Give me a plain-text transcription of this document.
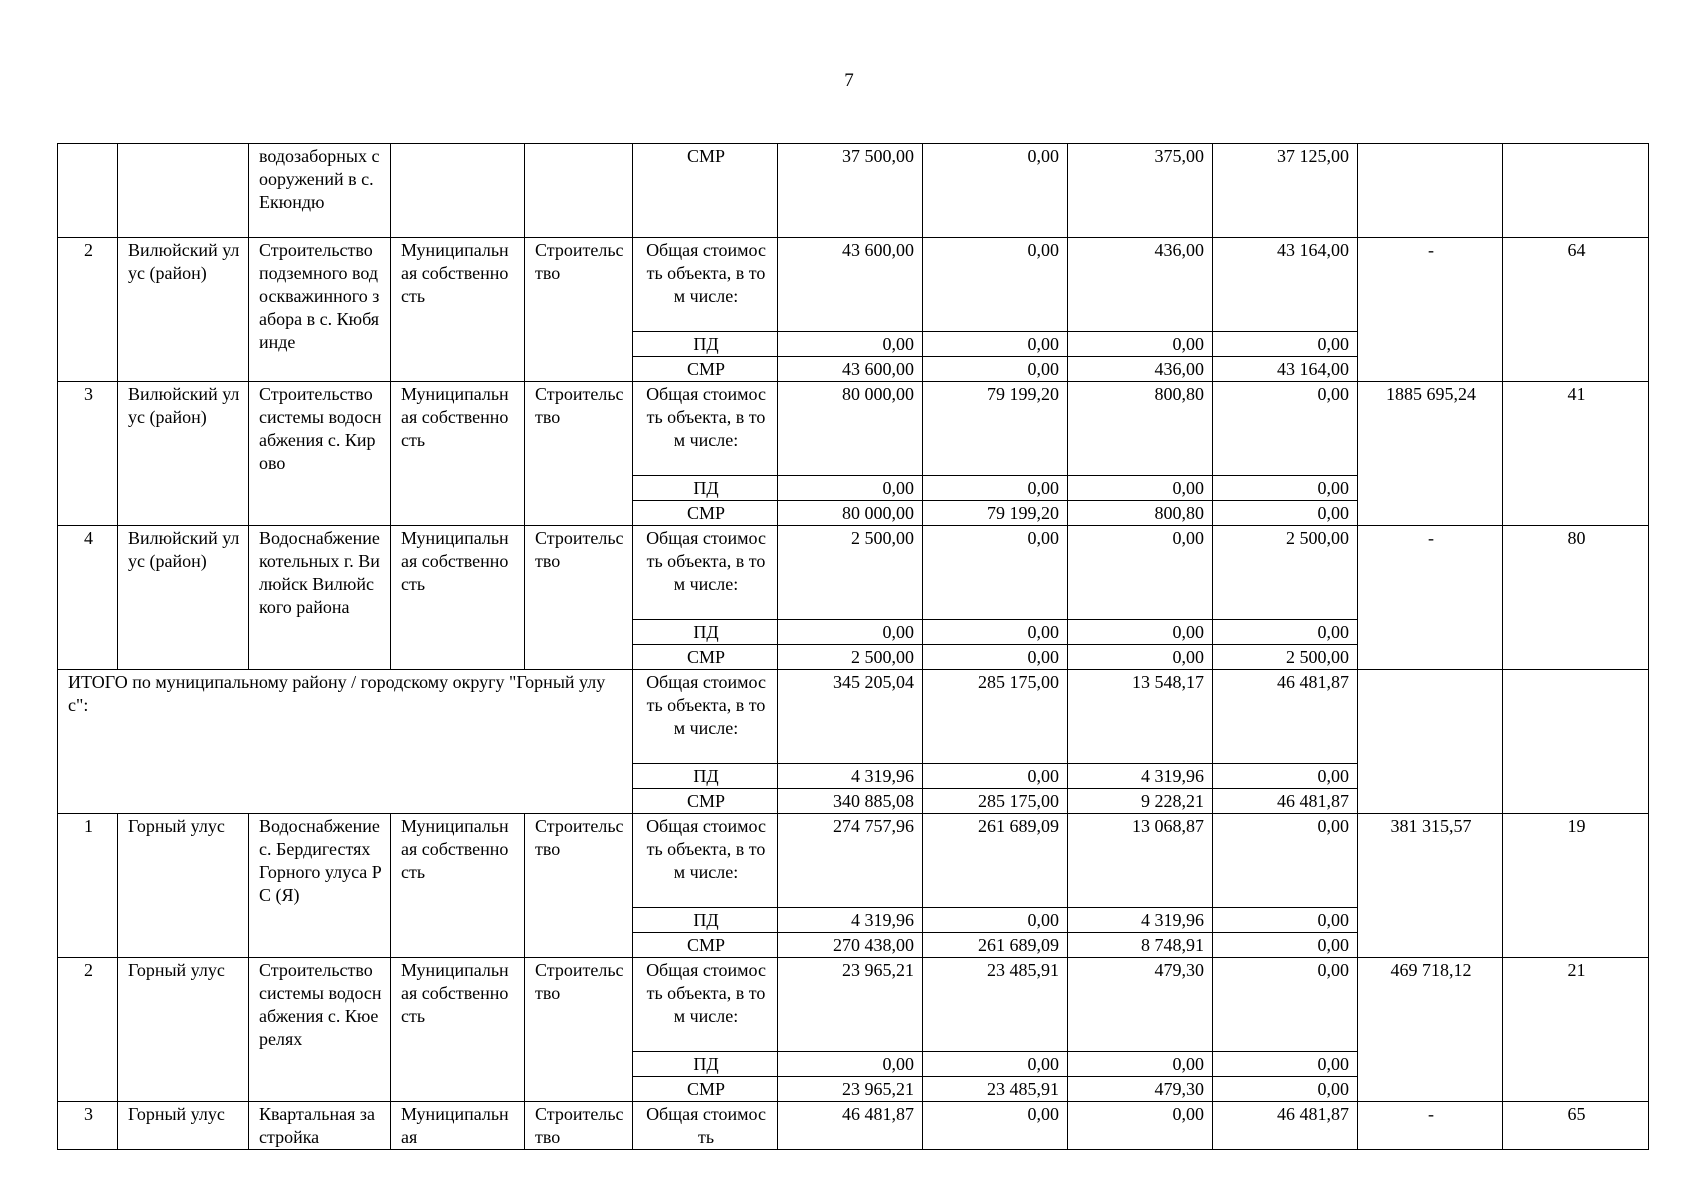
7
		водозаборных сооружений в с. Екюндю			СМР	37 500,00	0,00	375,00	37 125,00		
2	Вилюйский улус (район)	Строительство подземного водоскважинного забора в с. Кюбяинде	Муниципальная собственность	Строительство	Общая стоимость объекта, в том числе:	43 600,00	0,00	436,00	43 164,00	-	64
					ПД	0,00	0,00	0,00	0,00		
					СМР	43 600,00	0,00	436,00	43 164,00		
3	Вилюйский улус (район)	Строительство системы водоснабжения с. Кирово	Муниципальная собственность	Строительство	Общая стоимость объекта, в том числе:	80 000,00	79 199,20	800,80	0,00	1885 695,24	41
					ПД	0,00	0,00	0,00	0,00		
					СМР	80 000,00	79 199,20	800,80	0,00		
4	Вилюйский улус (район)	Водоснабжение котельных г. Вилюйск Вилюйского района	Муниципальная собственность	Строительство	Общая стоимость объекта, в том числе:	2 500,00	0,00	0,00	2 500,00	-	80
					ПД	0,00	0,00	0,00	0,00		
					СМР	2 500,00	0,00	0,00	2 500,00		
ИТОГО по муниципальному району / городскому округу "Горный улус":					Общая стоимость объекта, в том числе:	345 205,04	285 175,00	13 548,17	46 481,87		
					ПД	4 319,96	0,00	4 319,96	0,00		
					СМР	340 885,08	285 175,00	9 228,21	46 481,87		
1	Горный улус	Водоснабжение с. Бердигестях Горного улуса РС (Я)	Муниципальная собственность	Строительство	Общая стоимость объекта, в том числе:	274 757,96	261 689,09	13 068,87	0,00	381 315,57	19
					ПД	4 319,96	0,00	4 319,96	0,00		
					СМР	270 438,00	261 689,09	8 748,91	0,00		
2	Горный улус	Строительство системы водоснабжения с. Кюерелях	Муниципальная собственность	Строительство	Общая стоимость объекта, в том числе:	23 965,21	23 485,91	479,30	0,00	469 718,12	21
					ПД	0,00	0,00	0,00	0,00		
					СМР	23 965,21	23 485,91	479,30	0,00		
3	Горный улус	Квартальная застройка	Муниципальная	Строительство	Общая стоимость	46 481,87	0,00	0,00	46 481,87	-	65
